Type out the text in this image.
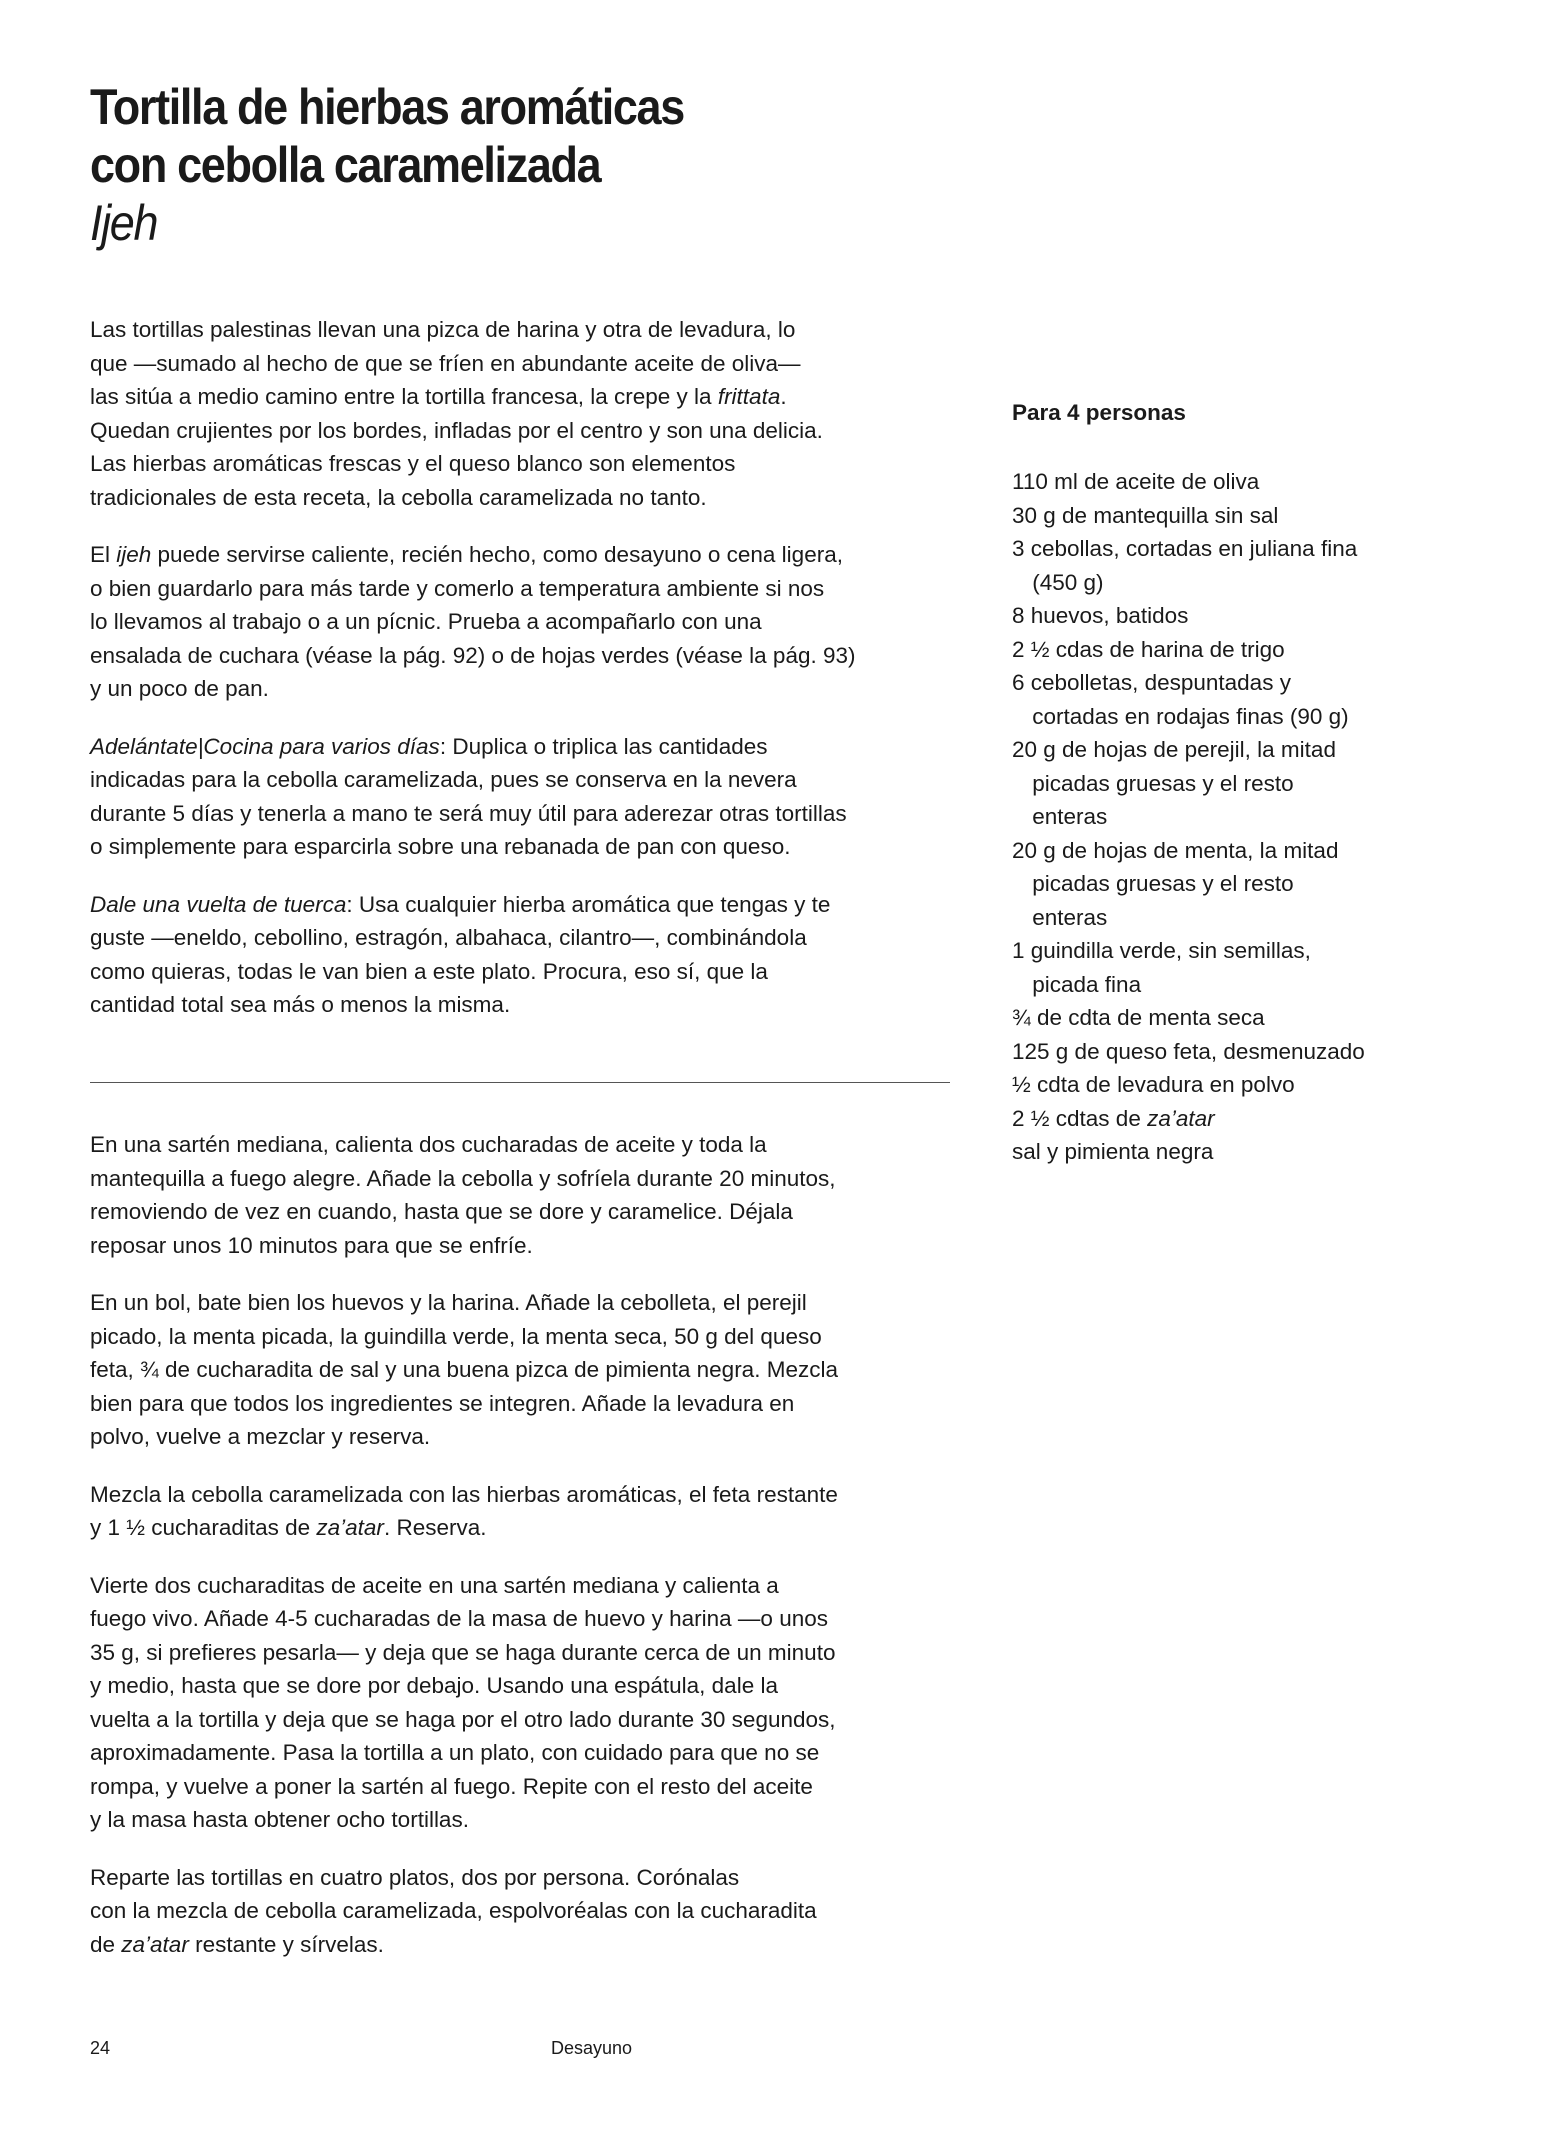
Tortilla de hierbas aromáticas
con cebolla caramelizada
Ijeh

Las tortillas palestinas llevan una pizca de harina y otra de levadura, lo
que —sumado al hecho de que se fríen en abundante aceite de oliva—
las sitúa a medio camino entre la tortilla francesa, la crepe y la frittata.
Quedan crujientes por los bordes, infladas por el centro y son una delicia.
Las hierbas aromáticas frescas y el queso blanco son elementos
tradicionales de esta receta, la cebolla caramelizada no tanto.

El ijeh puede servirse caliente, recién hecho, como desayuno o cena ligera,
o bien guardarlo para más tarde y comerlo a temperatura ambiente si nos
lo llevamos al trabajo o a un pícnic. Prueba a acompañarlo con una
ensalada de cuchara (véase la pág. 92) o de hojas verdes (véase la pág. 93)
y un poco de pan.

Adelántate|Cocina para varios días: Duplica o triplica las cantidades
indicadas para la cebolla caramelizada, pues se conserva en la nevera
durante 5 días y tenerla a mano te será muy útil para aderezar otras tortillas
o simplemente para esparcirla sobre una rebanada de pan con queso.

Dale una vuelta de tuerca: Usa cualquier hierba aromática que tengas y te
guste —eneldo, cebollino, estragón, albahaca, cilantro—, combinándola
como quieras, todas le van bien a este plato. Procura, eso sí, que la
cantidad total sea más o menos la misma.

En una sartén mediana, calienta dos cucharadas de aceite y toda la
mantequilla a fuego alegre. Añade la cebolla y sofríela durante 20 minutos,
removiendo de vez en cuando, hasta que se dore y caramelice. Déjala
reposar unos 10 minutos para que se enfríe.

En un bol, bate bien los huevos y la harina. Añade la cebolleta, el perejil
picado, la menta picada, la guindilla verde, la menta seca, 50 g del queso
feta, ¾ de cucharadita de sal y una buena pizca de pimienta negra. Mezcla
bien para que todos los ingredientes se integren. Añade la levadura en
polvo, vuelve a mezclar y reserva.

Mezcla la cebolla caramelizada con las hierbas aromáticas, el feta restante
y 1 ½ cucharaditas de za’atar. Reserva.

Vierte dos cucharaditas de aceite en una sartén mediana y calienta a
fuego vivo. Añade 4-5 cucharadas de la masa de huevo y harina —o unos
35 g, si prefieres pesarla— y deja que se haga durante cerca de un minuto
y medio, hasta que se dore por debajo. Usando una espátula, dale la
vuelta a la tortilla y deja que se haga por el otro lado durante 30 segundos,
aproximadamente. Pasa la tortilla a un plato, con cuidado para que no se
rompa, y vuelve a poner la sartén al fuego. Repite con el resto del aceite
y la masa hasta obtener ocho tortillas.

Reparte las tortillas en cuatro platos, dos por persona. Corónalas
con la mezcla de cebolla caramelizada, espolvoréalas con la cucharadita
de za’atar restante y sírvelas.

Para 4 personas
110 ml de aceite de oliva
30 g de mantequilla sin sal
3 cebollas, cortadas en juliana fina
(450 g)
8 huevos, batidos
2 ½ cdas de harina de trigo
6 cebolletas, despuntadas y
cortadas en rodajas finas (90 g)
20 g de hojas de perejil, la mitad
picadas gruesas y el resto
enteras
20 g de hojas de menta, la mitad
picadas gruesas y el resto
enteras
1 guindilla verde, sin semillas,
picada fina
¾ de cdta de menta seca
125 g de queso feta, desmenuzado
½ cdta de levadura en polvo
2 ½ cdtas de za’atar
sal y pimienta negra
24	Desayuno
